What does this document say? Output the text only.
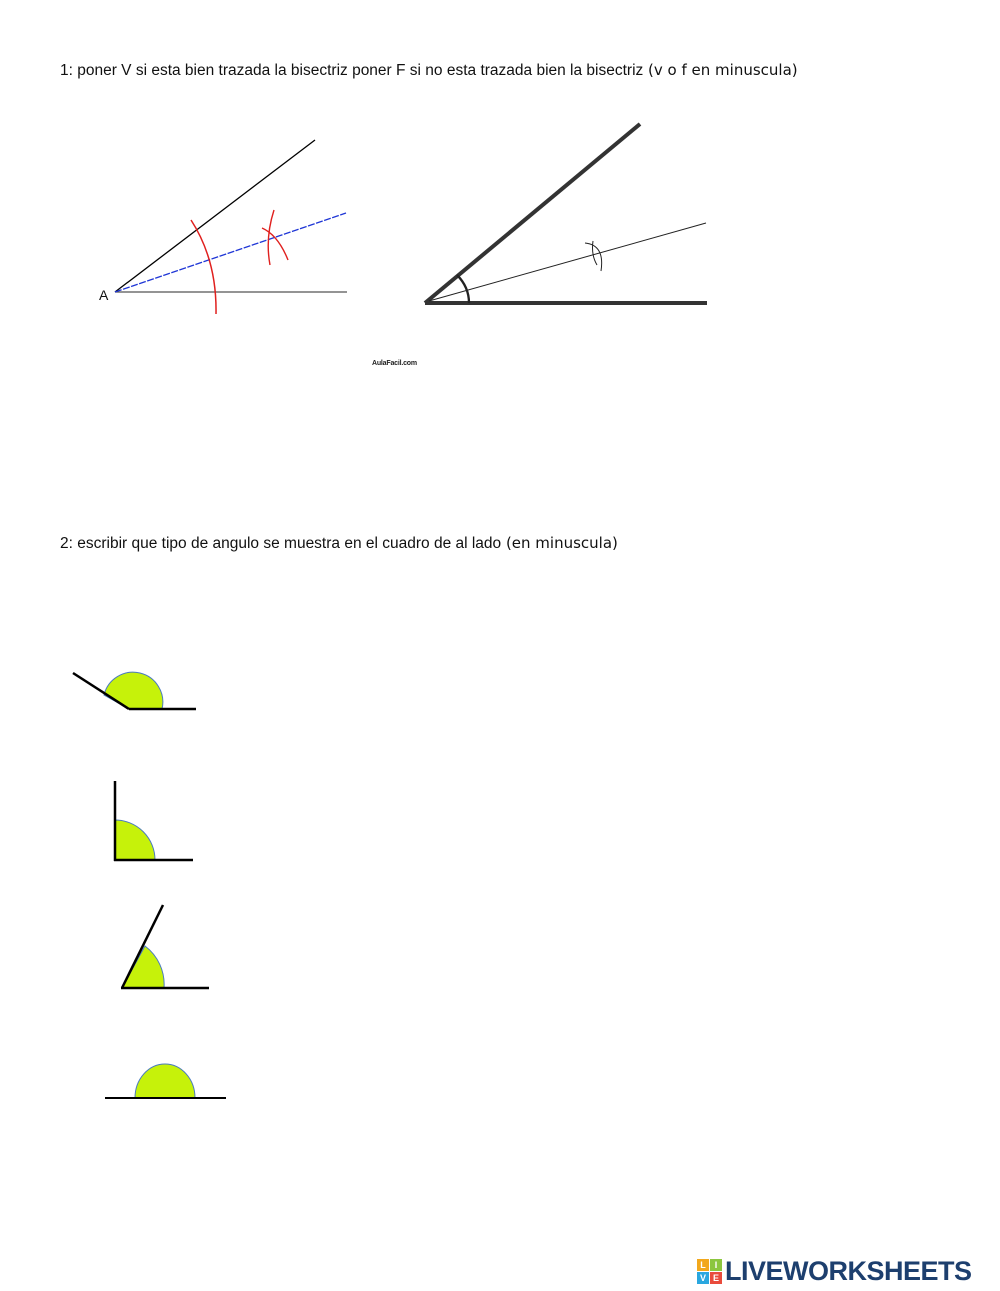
1: poner V si esta bien trazada la bisectriz poner F si no esta trazada bien la bisectriz (v o f en minuscula)
A
AulaFacil.com
2: escribir que tipo de angulo se muestra en el cuadro de al lado (en minuscula)
L I
V E LIVEWORKSHEETS
